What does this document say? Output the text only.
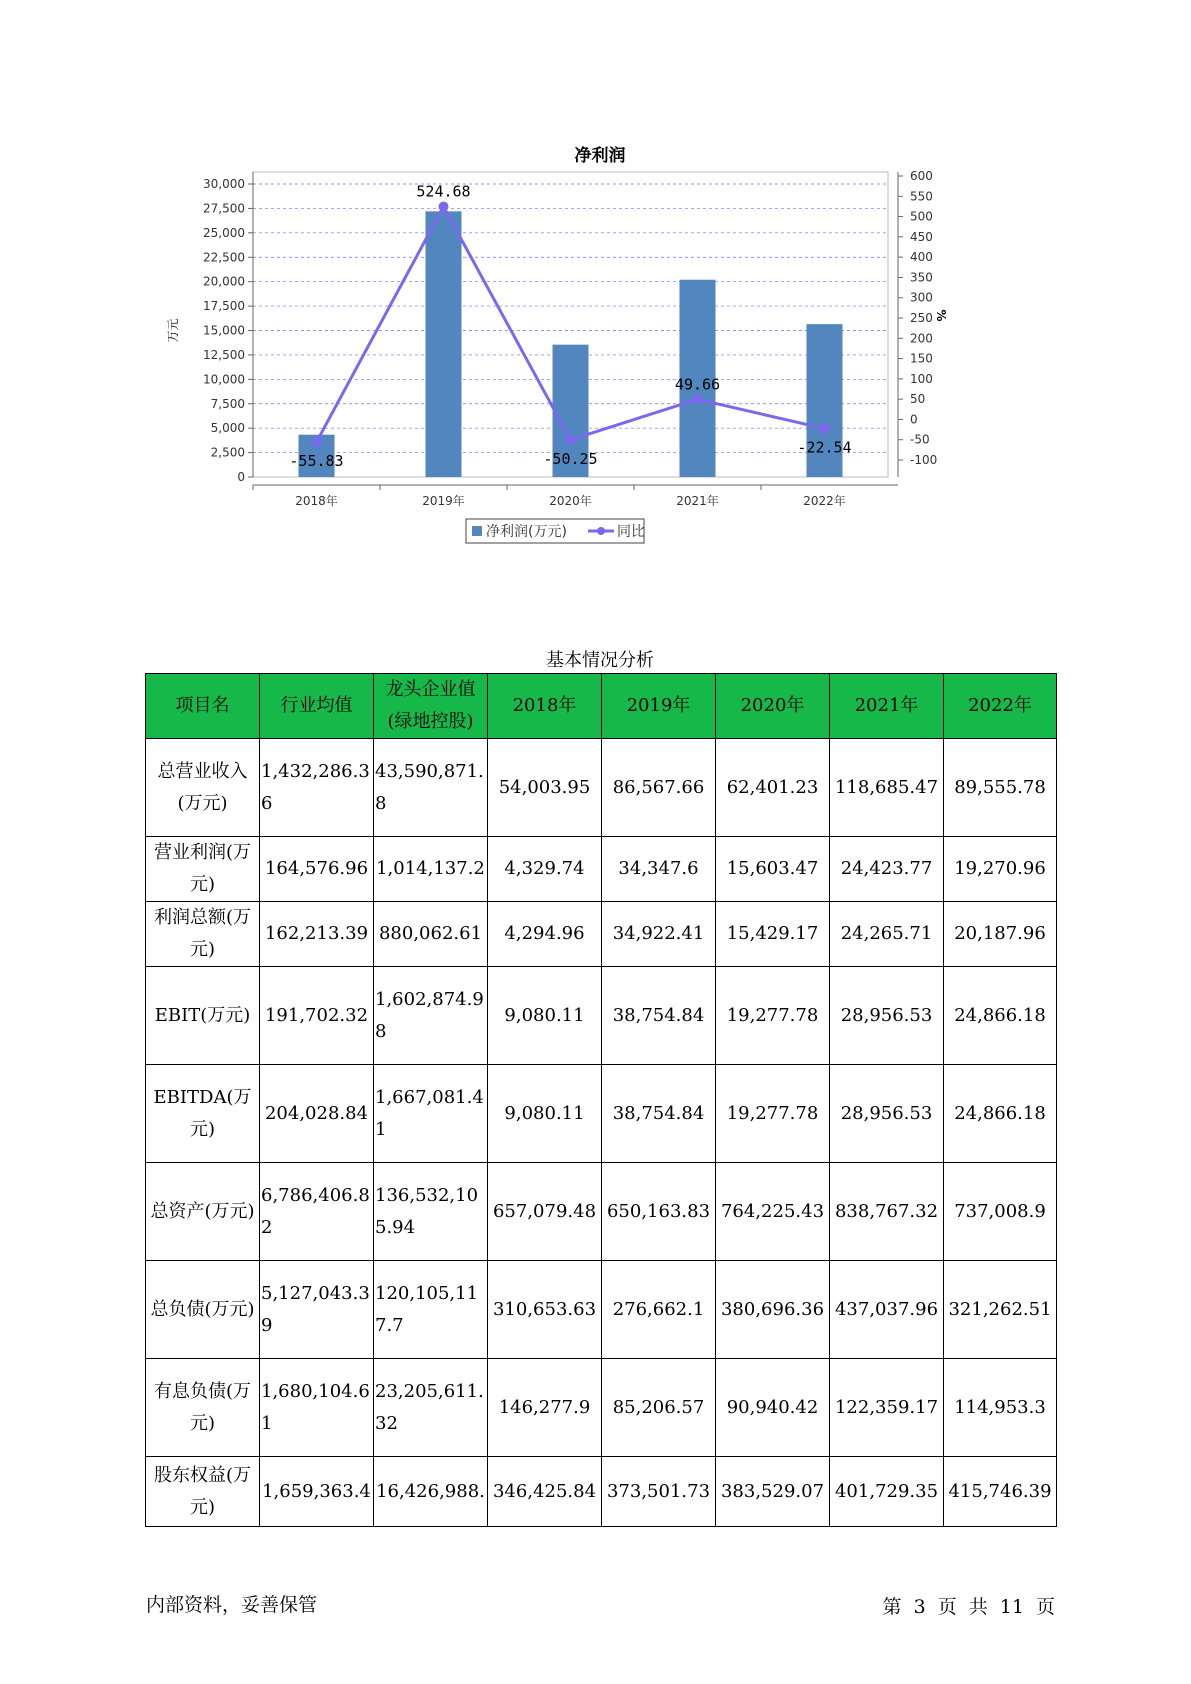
净利润
0
2,500
5,000
7,500
10,000
12,500
15,000
17,500
20,000
22,500
25,000
27,500
30,000
-100
-50
0
50
100
150
200
250
300
350
400
450
500
550
600
2018年	2019年	2020年	2021年	2022年
万元
%
-55.83
524.68
-50.25
49.66
-22.54
净利润(万元)	同比
基本情况分析
项目名	行业均值	龙头企业值(绿地控股)	2018年	2019年	2020年	2021年	2022年
总营业收入(万元)	1,432,286.36	43,590,871.8	54,003.95	86,567.66	62,401.23	118,685.47	89,555.78
营业利润(万元)	164,576.96	1,014,137.2	4,329.74	34,347.6	15,603.47	24,423.77	19,270.96
利润总额(万元)	162,213.39	880,062.61	4,294.96	34,922.41	15,429.17	24,265.71	20,187.96
EBIT(万元)	191,702.32	1,602,874.98	9,080.11	38,754.84	19,277.78	28,956.53	24,866.18
EBITDA(万元)	204,028.84	1,667,081.41	9,080.11	38,754.84	19,277.78	28,956.53	24,866.18
总资产(万元)	6,786,406.82	136,532,105.94	657,079.48	650,163.83	764,225.43	838,767.32	737,008.9
总负债(万元)	5,127,043.39	120,105,117.7	310,653.63	276,662.1	380,696.36	437,037.96	321,262.51
有息负债(万元)	1,680,104.61	23,205,611.32	146,277.9	85,206.57	90,940.42	122,359.17	114,953.3
股东权益(万元)	1,659,363.4	16,426,988.	346,425.84	373,501.73	383,529.07	401,729.35	415,746.39
内部资料，妥善保管	第 3 页 共 11 页
